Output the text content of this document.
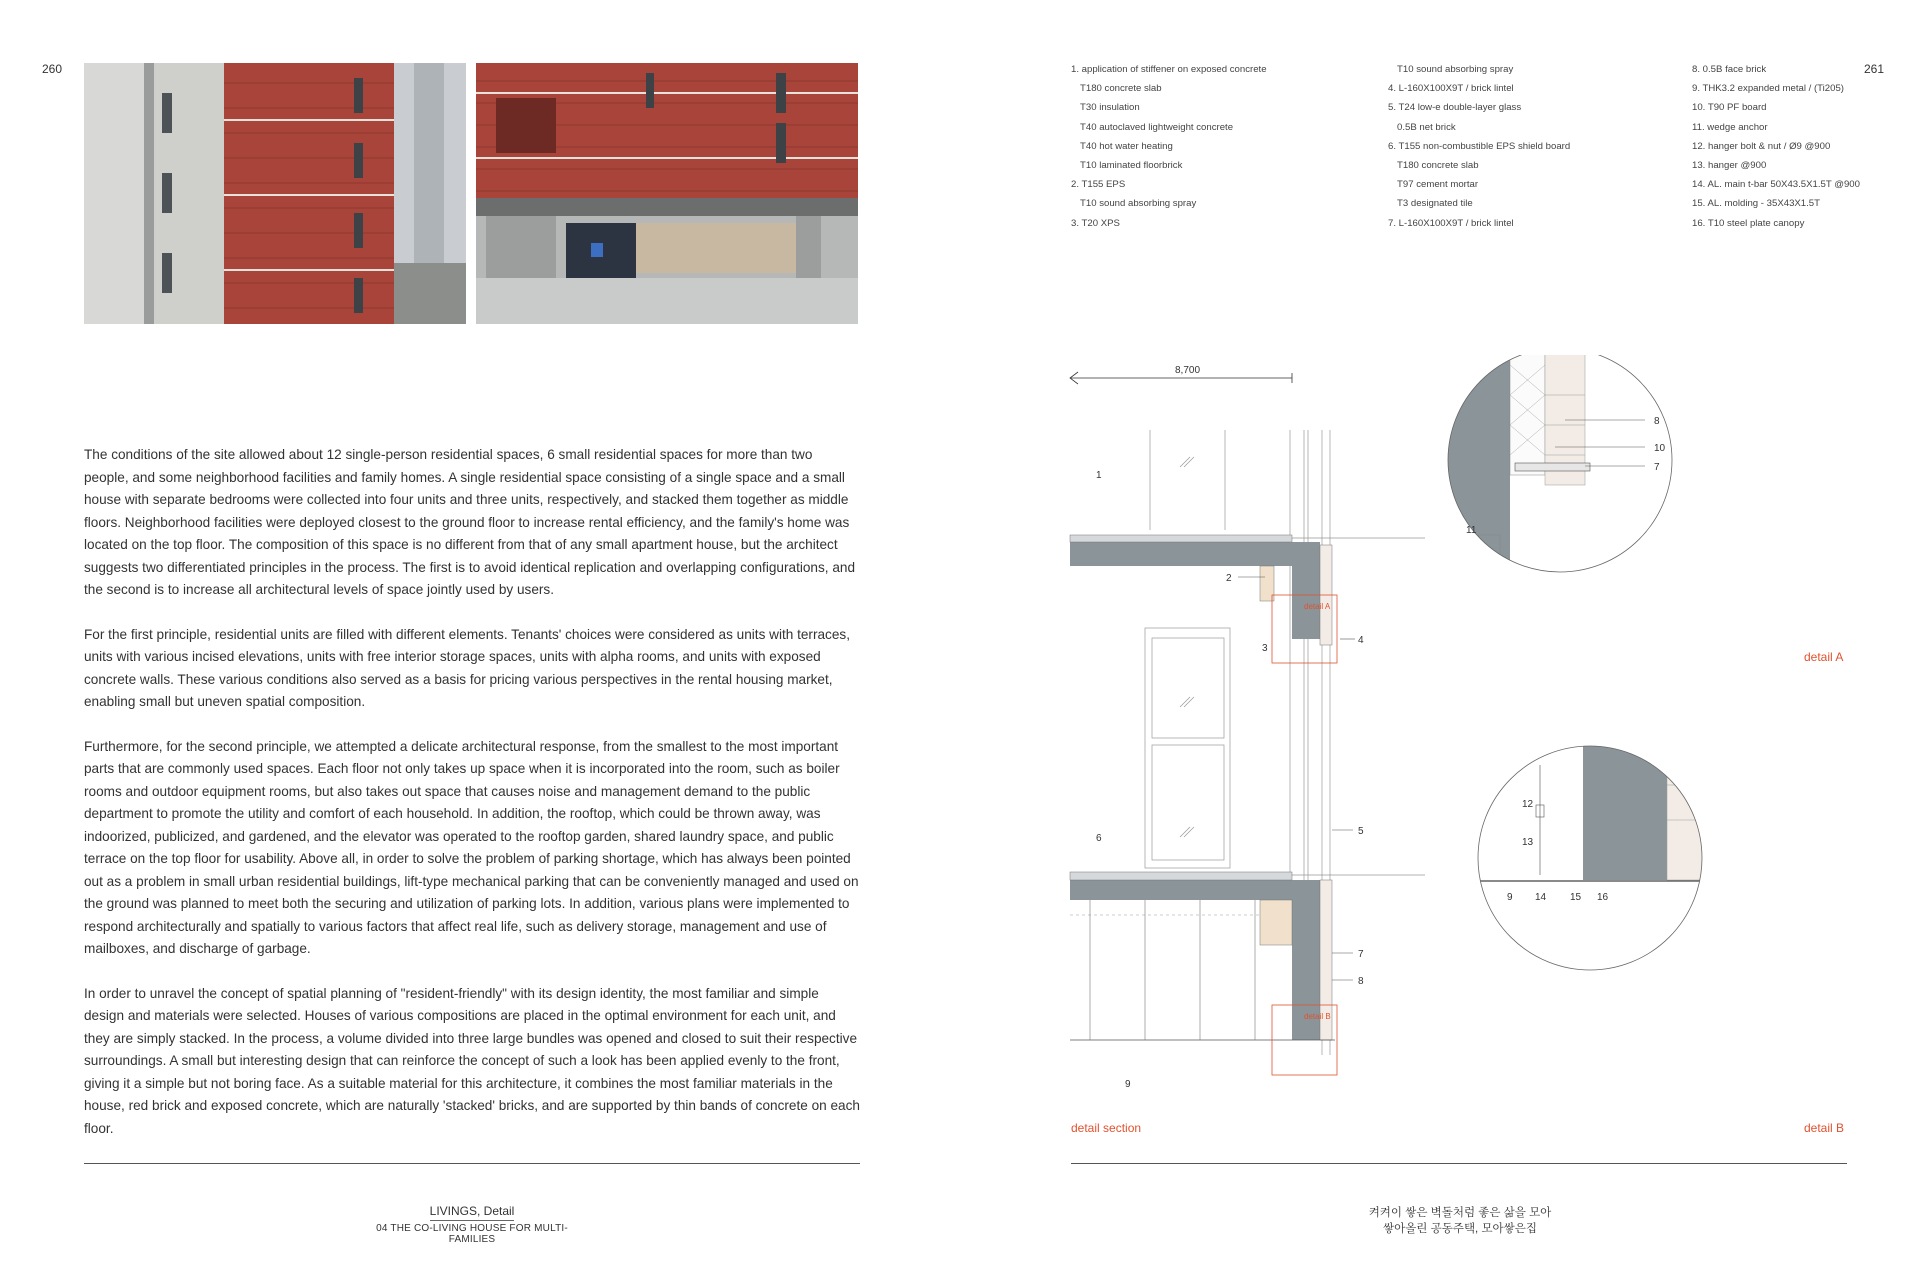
260	261

The conditions of the site allowed about 12 single-person residential spaces, 6 small residential spaces for more than two people, and some neighborhood facilities and family homes. A single residential space consisting of a single space and a small house with separate bedrooms were collected into four units and three units, respectively, and stacked them together as middle floors. Neighborhood facilities were deployed closest to the ground floor to increase rental efficiency, and the family's home was located on the top floor. The composition of this space is no different from that of any small apartment house, but the architect suggests two differentiated principles in the process. The first is to avoid identical replication and overlapping configurations, and the second is to increase all architectural levels of space jointly used by users.

For the first principle, residential units are filled with different elements. Tenants' choices were considered as units with terraces, units with various incised elevations, units with free interior storage spaces, units with alpha rooms, and units with exposed concrete walls. These various conditions also served as a basis for pricing various perspectives in the rental housing market, enabling small but uneven spatial composition.

Furthermore, for the second principle, we attempted a delicate architectural response, from the smallest to the most important parts that are commonly used spaces. Each floor not only takes up space when it is incorporated into the room, such as boiler rooms and outdoor equipment rooms, but also takes out space that causes noise and management demand to the public department to promote the utility and comfort of each household. In addition, the rooftop, which could be thrown away, was indoorized, publicized, and gardened, and the elevator was operated to the rooftop garden, shared laundry space, and public terrace on the top floor for usability. Above all, in order to solve the problem of parking shortage, which has always been pointed out as a problem in small urban residential buildings, lift-type mechanical parking that can be conveniently managed and used on the ground was planned to meet both the securing and utilization of parking lots. In addition, various plans were implemented to respond architecturally and spatially to various factors that affect real life, such as delivery storage, management and use of mailboxes, and discharge of garbage.

In order to unravel the concept of spatial planning of "resident-friendly" with its design identity, the most familiar and simple design and materials were selected. Houses of various compositions are placed in the optimal environment for each unit, and they are simply stacked. In the process, a volume divided into three large bundles was opened and closed to suit their respective surroundings. A small but interesting design that can reinforce the concept of such a look has been applied evenly to the front, giving it a simple but not boring face. As a suitable material for this architecture, it combines the most familiar materials in the house, red brick and exposed concrete, which are naturally 'stacked' bricks, and are supported by thin bands of concrete on each floor.

LIVINGS, Detail
04 THE CO-LIVING HOUSE FOR MULTI-FAMILIES
켜켜이 쌓은 벽돌처럼 좋은 삶을 모아
쌓아올린 공동주택, 모아쌓은집
1. application of stiffener on exposed concrete
T180 concrete slab
T30 insulation
T40 autoclaved lightweight concrete
T40 hot water heating
T10 laminated floorbrick
2. T155 EPS
T10 sound absorbing spray
3. T20 XPS
T10 sound absorbing spray
4. L-160X100X9T / brick lintel
5. T24 low-e double-layer glass
0.5B net brick
6. T155 non-combustible EPS shield board
T180 concrete slab
T97 cement mortar
T3 designated tile
7. L-160X100X9T / brick lintel
8. 0.5B face brick
9. THK3.2 expanded metal / (Ti205)
10. T90 PF board
11. wedge anchor
12. hanger bolt & nut / Ø9 @900
13. hanger @900
14. AL. main t-bar 50X43.5X1.5T @900
15. AL. molding - 35X43X1.5T
16. T10 steel plate canopy
8,700
detail A
detail B
1
2
3
4
5
6
7
8
9
10
8
7
11
12
13
9 14 15 16
detail section
detail A
detail B
